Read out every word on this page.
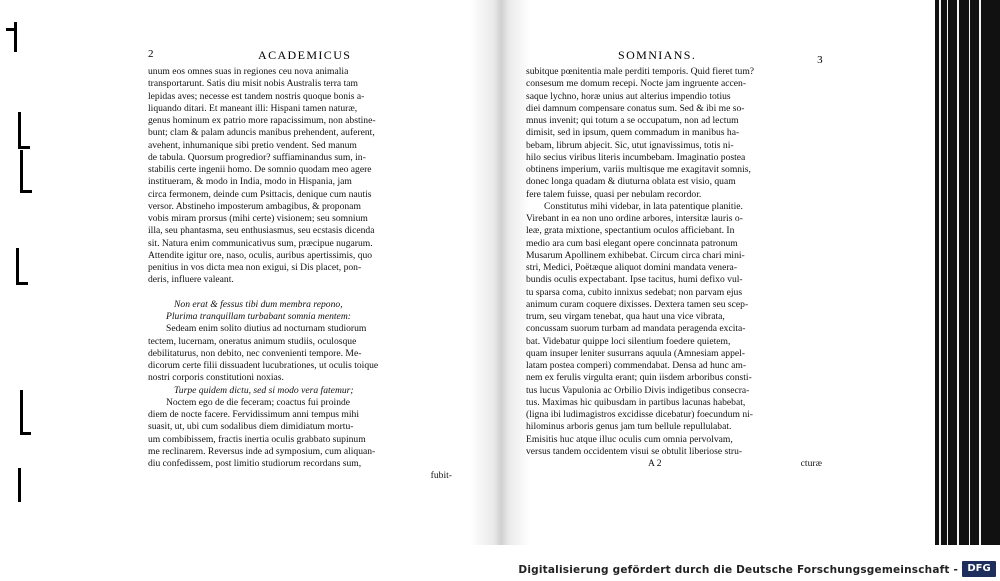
2	ACADEMICUS
unum eos omnes suas in regiones ceu nova animalia
transportarunt. Satis diu misit nobis Australis terra tam
lepidas aves; necesse est tandem nostris quoque bonis a-
liquando ditari. Et maneant illi: Hispani tamen naturæ,
genus hominum ex patrio more rapacissimum, non abstine-
bunt; clam & palam aduncis manibus prehendent, auferent,
avehent, inhumanique sibi pretio vendent. Sed manum
de tabula. Quorsum progredior? suffiaminandus sum, in-
stabilis certe ingenii homo. De somnio quodam meo agere
institueram, & modo in India, modo in Hispania, jam
circa fermonem, deinde cum Psittacis, denique cum nautis
versor. Abstineho imposterum ambagibus, & proponam
vobis miram prorsus (mihi certe) visionem; seu somnium
illa, seu phantasma, seu enthusiasmus, seu ecstasis dicenda
sit. Natura enim communicativus sum, præcipue nugarum.
Attendite igitur ore, naso, oculis, auribus apertissimis, quo
penitius in vos dicta mea non exigui, si Dis placet, pon-
deris, influere valeant.
Non erat & fessus tibi dum membra repono,
Plurima tranquillam turbabant somnia mentem:
Sedeam enim solito diutius ad nocturnam studiorum
tectem, lucernam, oneratus animum studiis, oculosque
debilitaturus, non debito, nec convenienti tempore. Me-
dicorum certe filii dissuadent lucubrationes, ut oculis toique
nostri corporis constitutioni noxias.
Turpe quidem dictu, sed si modo vera fatemur;
Noctem ego de die feceram; coactus fui proinde
diem de nocte facere. Fervidissimum anni tempus mihi
suasit, ut, ubi cum sodalibus diem dimidiatum mortu-
um combibissem, fractis inertia oculis grabbato supinum
me reclinarem. Reversus inde ad symposium, cum aliquan-
diu confedissem, post limitio studiorum recordans sum,
fubit-
SOMNIANS.	3
subitque pœnitentia male perditi temporis. Quid fieret tum?
consesum me domum recepi. Nocte jam ingruente accen-
saque lychno, horæ unius aut alterius impendio totius
diei damnum compensare conatus sum. Sed & ibi me so-
mnus invenit; qui totum a se occupatum, non ad lectum
dimisit, sed in ipsum, quem commadum in manibus ha-
bebam, librum abjecit. Sic, utut ignavissimus, totis ni-
hilo secius viribus literis incumbebam. Imaginatio postea
obtinens imperium, variis multisque me exagitavit somnis,
donec longa quadam & diuturna oblata est visio, quam
fere talem fuisse, quasi per nebulam recordor.
Constitutus mihi videbar, in lata patentique planitie.
Virebant in ea non uno ordine arbores, intersitæ lauris o-
leæ, grata mixtione, spectantium oculos afficiebant. In
medio ara cum basi elegant opere concinnata patronum
Musarum Apollinem exhibebat. Circum circa chari mini-
stri, Medici, Poëtæque aliquot domini mandata venera-
bundis oculis expectabant. Ipse tacitus, humi defixo vul-
tu sparsa coma, cubito innixus sedebat; non parvam ejus
animum curam coquere dixisses. Dextera tamen seu scep-
trum, seu virgam tenebat, qua haut una vice vibrata,
concussam suorum turbam ad mandata peragenda excita-
bat. Videbatur quippe loci silentium foedere quietem,
quam insuper leniter susurrans aquula (Amnesiam appel-
latam postea comperi) commendabat. Densa ad hunc am-
nem ex ferulis virgulta erant; quin iisdem arboribus consti-
tus lucus Vapulonia ac Orbilio Divis indigetibus consecra-
tus. Maximas hic quibusdam in partibus lacunas habebat,
(ligna ibi ludimagistros excidisse dicebatur) foecundum ni-
hilominus arboris genus jam tum bellule repullulabat.
Emisitis huc atque illuc oculis cum omnia pervolvam,
versus tandem occidentem visui se obtulit liberiose stru-
A 2	cturæ
Digitalisierung gefördert durch die Deutsche Forschungsgemeinschaft - DFG
